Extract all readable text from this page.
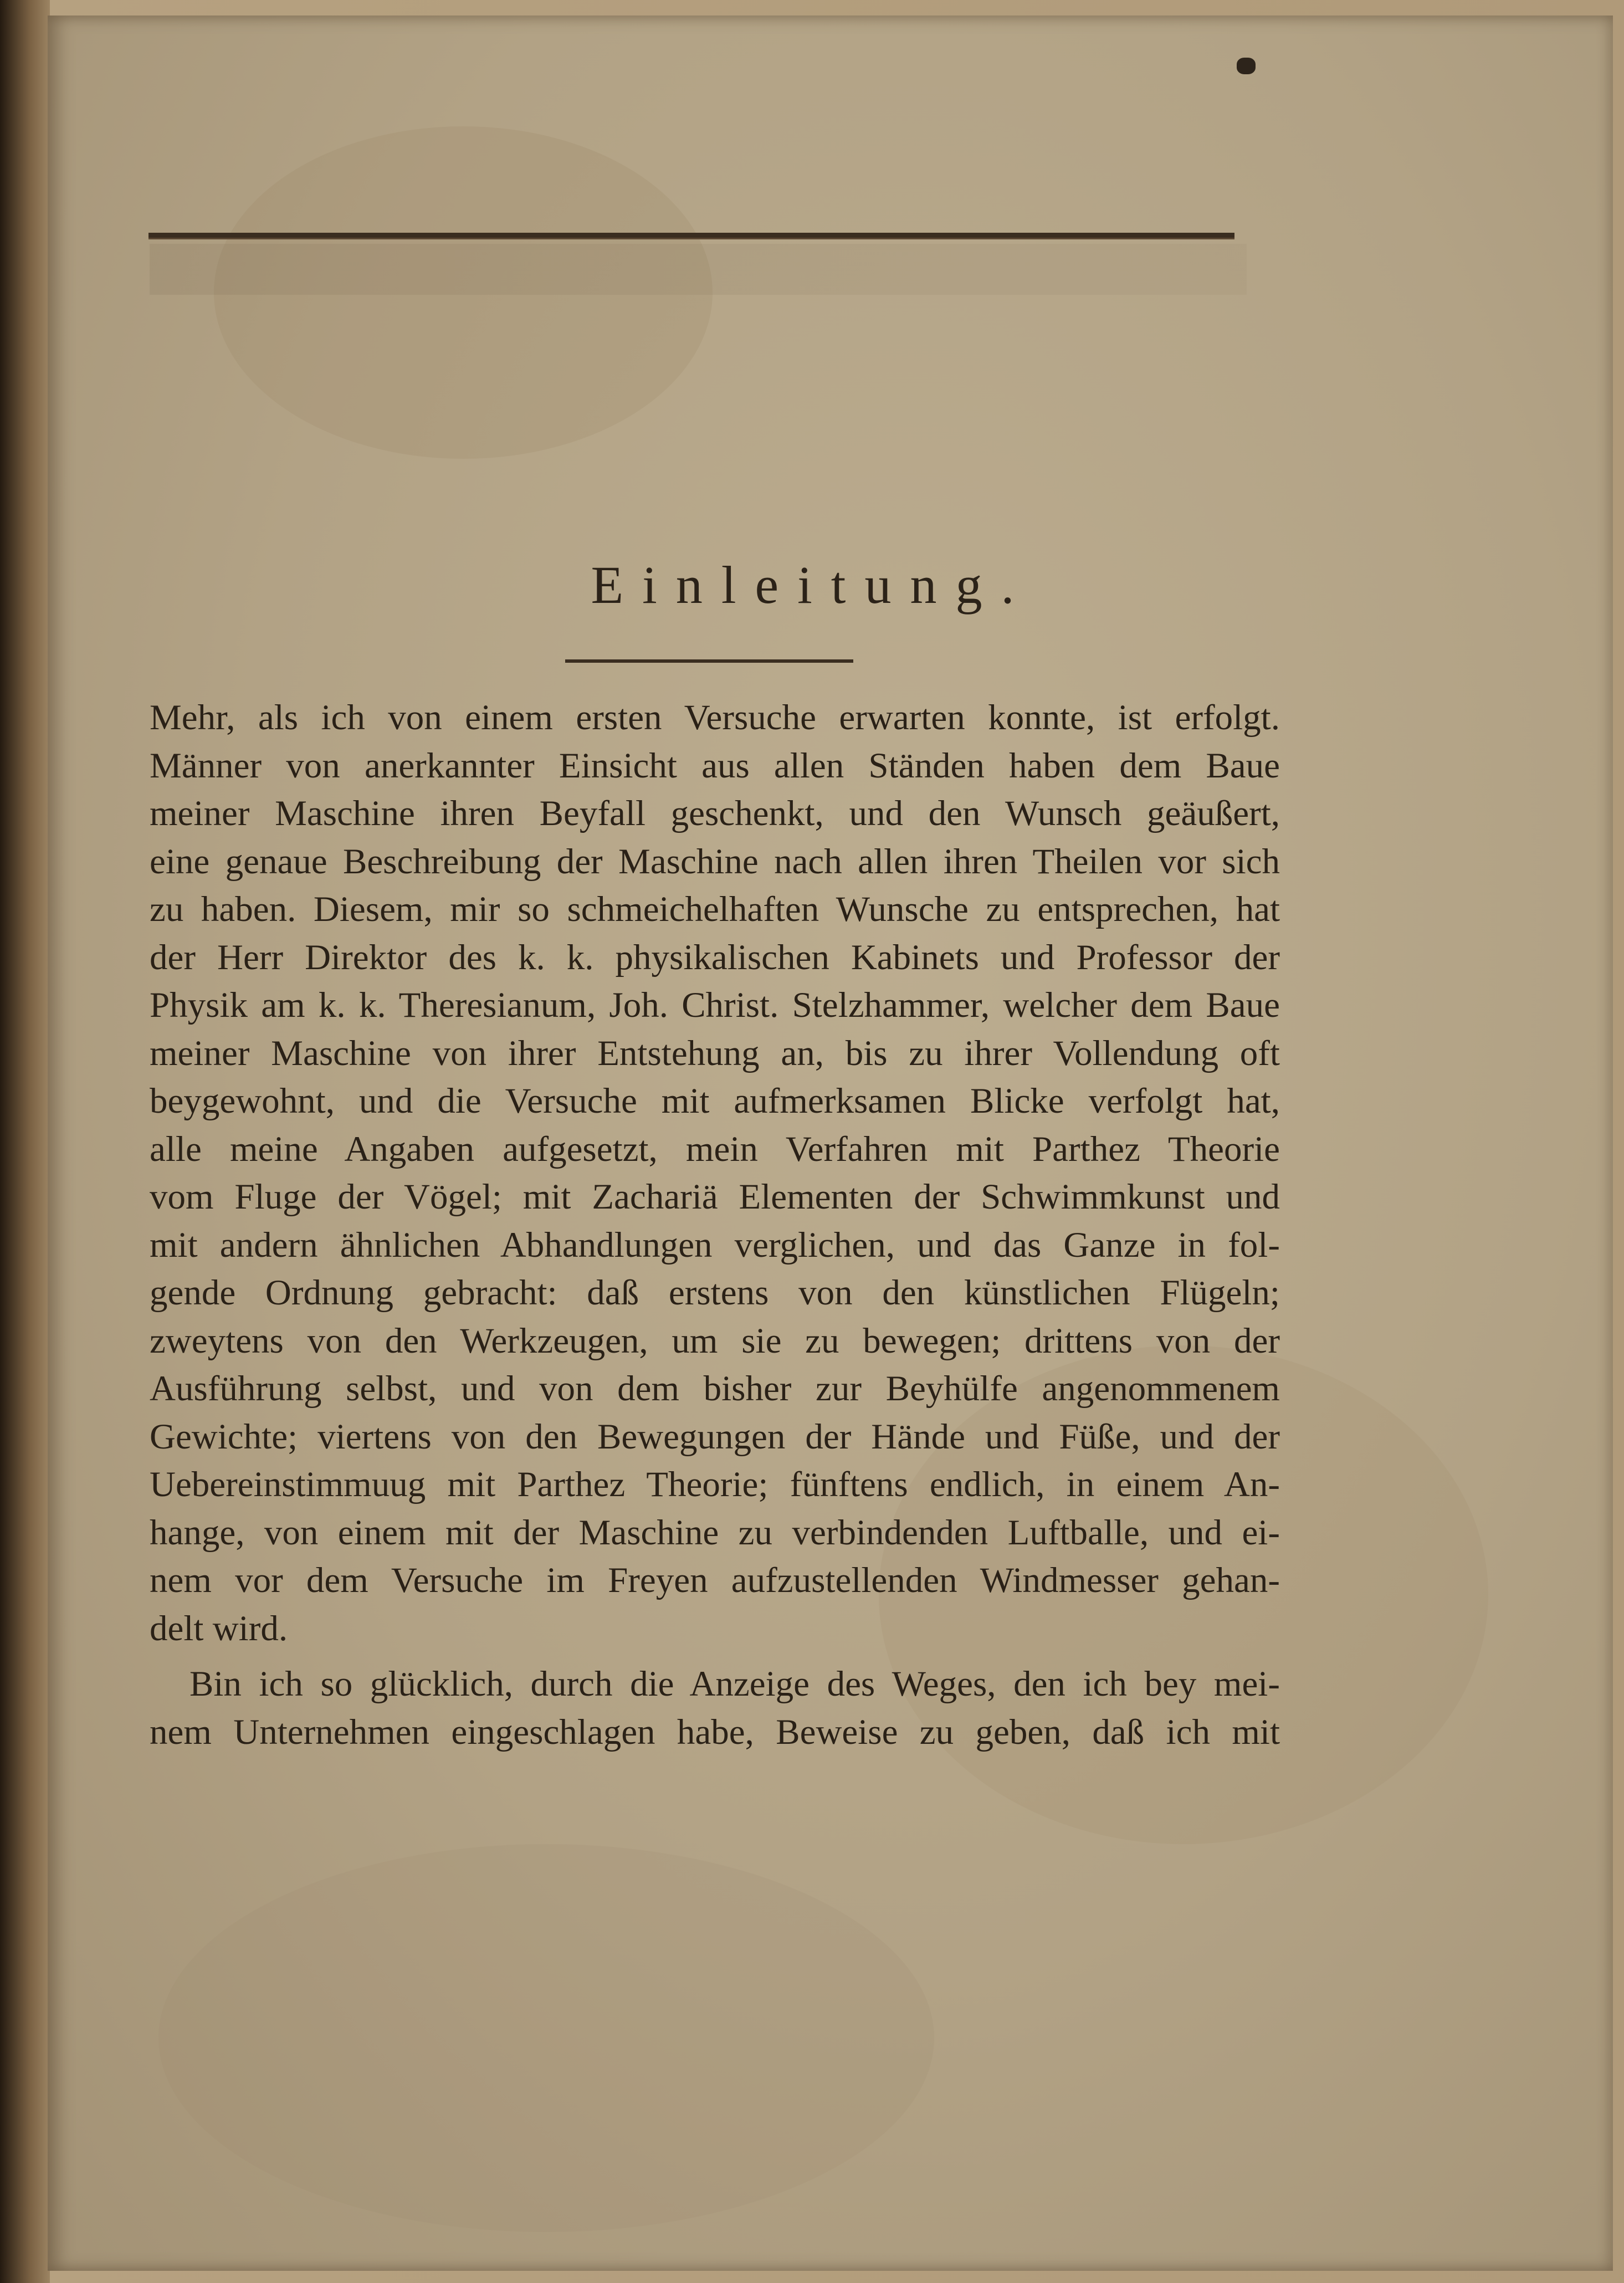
Einleitung.
Mehr, als ich von einem ersten Versuche erwarten konnte, ist erfolgt.
Männer von anerkannter Einsicht aus allen Ständen haben dem Baue
meiner Maschine ihren Beyfall geschenkt, und den Wunsch geäußert,
eine genaue Beschreibung der Maschine nach allen ihren Theilen vor sich
zu haben. Diesem, mir so schmeichelhaften Wunsche zu entsprechen, hat
der Herr Direktor des k. k. physikalischen Kabinets und Professor der
Physik am k. k. Theresianum, Joh. Christ. Stelzhammer, welcher dem Baue
meiner Maschine von ihrer Entstehung an, bis zu ihrer Vollendung oft
beygewohnt, und die Versuche mit aufmerksamen Blicke verfolgt hat,
alle meine Angaben aufgesetzt, mein Verfahren mit Parthez Theorie
vom Fluge der Vögel; mit Zachariä Elementen der Schwimmkunst und
mit andern ähnlichen Abhandlungen verglichen, und das Ganze in fol-
gende Ordnung gebracht: daß erstens von den künstlichen Flügeln;
zweytens von den Werkzeugen, um sie zu bewegen; drittens von der
Ausführung selbst, und von dem bisher zur Beyhülfe angenommenem
Gewichte; viertens von den Bewegungen der Hände und Füße, und der
Uebereinstimmuug mit Parthez Theorie; fünftens endlich, in einem An-
hange, von einem mit der Maschine zu verbindenden Luftballe, und ei-
nem vor dem Versuche im Freyen aufzustellenden Windmesser gehan-
delt wird.
Bin ich so glücklich, durch die Anzeige des Weges, den ich bey mei-
nem Unternehmen eingeschlagen habe, Beweise zu geben, daß ich mit
